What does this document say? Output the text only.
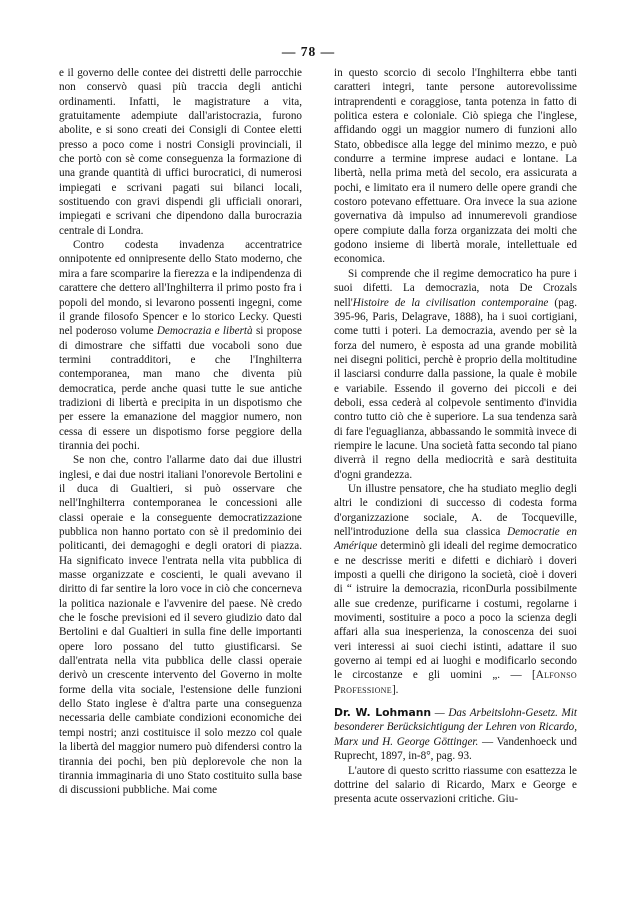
— 78 —

e il governo delle contee dei distretti delle parrocchie non conservò quasi più traccia degli antichi ordinamenti. Infatti, le magistrature a vita, gratuitamente adempiute dall'aristocrazia, furono abolite, e si sono creati dei Consigli di Contee eletti presso a poco come i nostri Consigli provinciali, il che portò con sè come conseguenza la formazione di una grande quantità di uffici burocratici, di numerosi impiegati e scrivani pagati sui bilanci locali, sostituendo con gravi dispendi gli ufficiali onorari, impiegati e scrivani che dipendono dalla burocrazia centrale di Londra.

Contro codesta invadenza accentratrice onnipotente ed onnipresente dello Stato moderno, che mira a fare scomparire la fierezza e la indipendenza di carattere che dettero all'Inghilterra il primo posto fra i popoli del mondo, si levarono possenti ingegni, come il grande filosofo Spencer e lo storico Lecky. Questi nel poderoso volume Democrazia e libertà si propose di dimostrare che siffatti due vocaboli sono due termini contradditori, e che l'Inghilterra contemporanea, man mano che diventa più democratica, perde anche quasi tutte le sue antiche tradizioni di libertà e precipita in un dispotismo che per essere la emanazione del maggior numero, non cessa di essere un dispotismo forse peggiore della tirannia dei pochi.

Se non che, contro l'allarme dato dai due illustri inglesi, e dai due nostri italiani l'onorevole Bertolini e il duca di Gualtieri, si può osservare che nell'Inghilterra contemporanea le concessioni alle classi operaie e la conseguente democratizzazione pubblica non hanno portato con sè il predominio dei politicanti, dei demagoghi e degli oratori di piazza. Ha significato invece l'entrata nella vita pubblica di masse organizzate e coscienti, le quali avevano il diritto di far sentire la loro voce in ciò che concerneva la politica nazionale e l'avvenire del paese. Nè credo che le fosche previsioni ed il severo giudizio dato dal Bertolini e dal Gualtieri in sulla fine delle importanti opere loro possano del tutto giustificarsi. Se dall'entrata nella vita pubblica delle classi operaie derivò un crescente intervento del Governo in molte forme della vita sociale, l'estensione delle funzioni dello Stato inglese è d'altra parte una conseguenza necessaria delle cambiate condizioni economiche dei tempi nostri; anzi costituisce il solo mezzo col quale la libertà del maggior numero può difendersi contro la tirannia dei pochi, ben più deplorevole che non la tirannia immaginaria di uno Stato costituito sulla base di discussioni pubbliche. Mai come

in questo scorcio di secolo l'Inghilterra ebbe tanti caratteri integri, tante persone autorevolissime intraprendenti e coraggiose, tanta potenza in fatto di politica estera e coloniale. Ciò spiega che l'inglese, affidando oggi un maggior numero di funzioni allo Stato, obbedisce alla legge del minimo mezzo, e può condurre a termine imprese audaci e lontane. La libertà, nella prima metà del secolo, era assicurata a pochi, e limitato era il numero delle opere grandi che costoro potevano effettuare. Ora invece la sua azione governativa dà impulso ad innumerevoli grandiose opere compiute dalla forza organizzata dei molti che godono insieme di libertà morale, intellettuale ed economica.

Si comprende che il regime democratico ha pure i suoi difetti. La democrazia, nota De Crozals nell'Histoire de la civilisation contemporaine (pag. 395-96, Paris, Delagrave, 1888), ha i suoi cortigiani, come tutti i poteri. La democrazia, avendo per sè la forza del numero, è esposta ad una grande mobilità nei disegni politici, perchè è proprio della moltitudine il lasciarsi condurre dalla passione, la quale è mobile e variabile. Essendo il governo dei piccoli e dei deboli, essa cederà al colpevole sentimento d'invidia contro tutto ciò che è superiore. La sua tendenza sarà di fare l'eguaglianza, abbassando le sommità invece di riempire le lacune. Una società fatta secondo tal piano diverrà il regno della mediocrità e sarà destituita d'ogni grandezza.

Un illustre pensatore, che ha studiato meglio degli altri le condizioni di successo di codesta forma d'organizzazione sociale, A. de Tocqueville, nell'introduzione della sua classica Democratie en Amérique determinò gli ideali del regime democratico e ne descrisse meriti e difetti e dichiarò i doveri imposti a quelli che dirigono la società, cioè i doveri di “ istruire la democrazia, riconDurla possibilmente alle sue credenze, purificarne i costumi, regolarne i movimenti, sostituire a poco a poco la scienza degli affari alla sua inesperienza, la conoscenza dei suoi veri interessi ai suoi ciechi istinti, adattare il suo governo ai tempi ed ai luoghi e modificarlo secondo le circostanze e gli uomini „. — [Alfonso Professione].

Dr. W. Lohmann — Das Arbeitslohn-Gesetz. Mit besonderer Berücksichtigung der Lehren von Ricardo, Marx und H. George Göttinger. — Vandenhoeck und Ruprecht, 1897, in-8°, pag. 93.

L'autore di questo scritto riassume con esattezza le dottrine del salario di Ricardo, Marx e George e presenta acute osservazioni critiche. Giu-
